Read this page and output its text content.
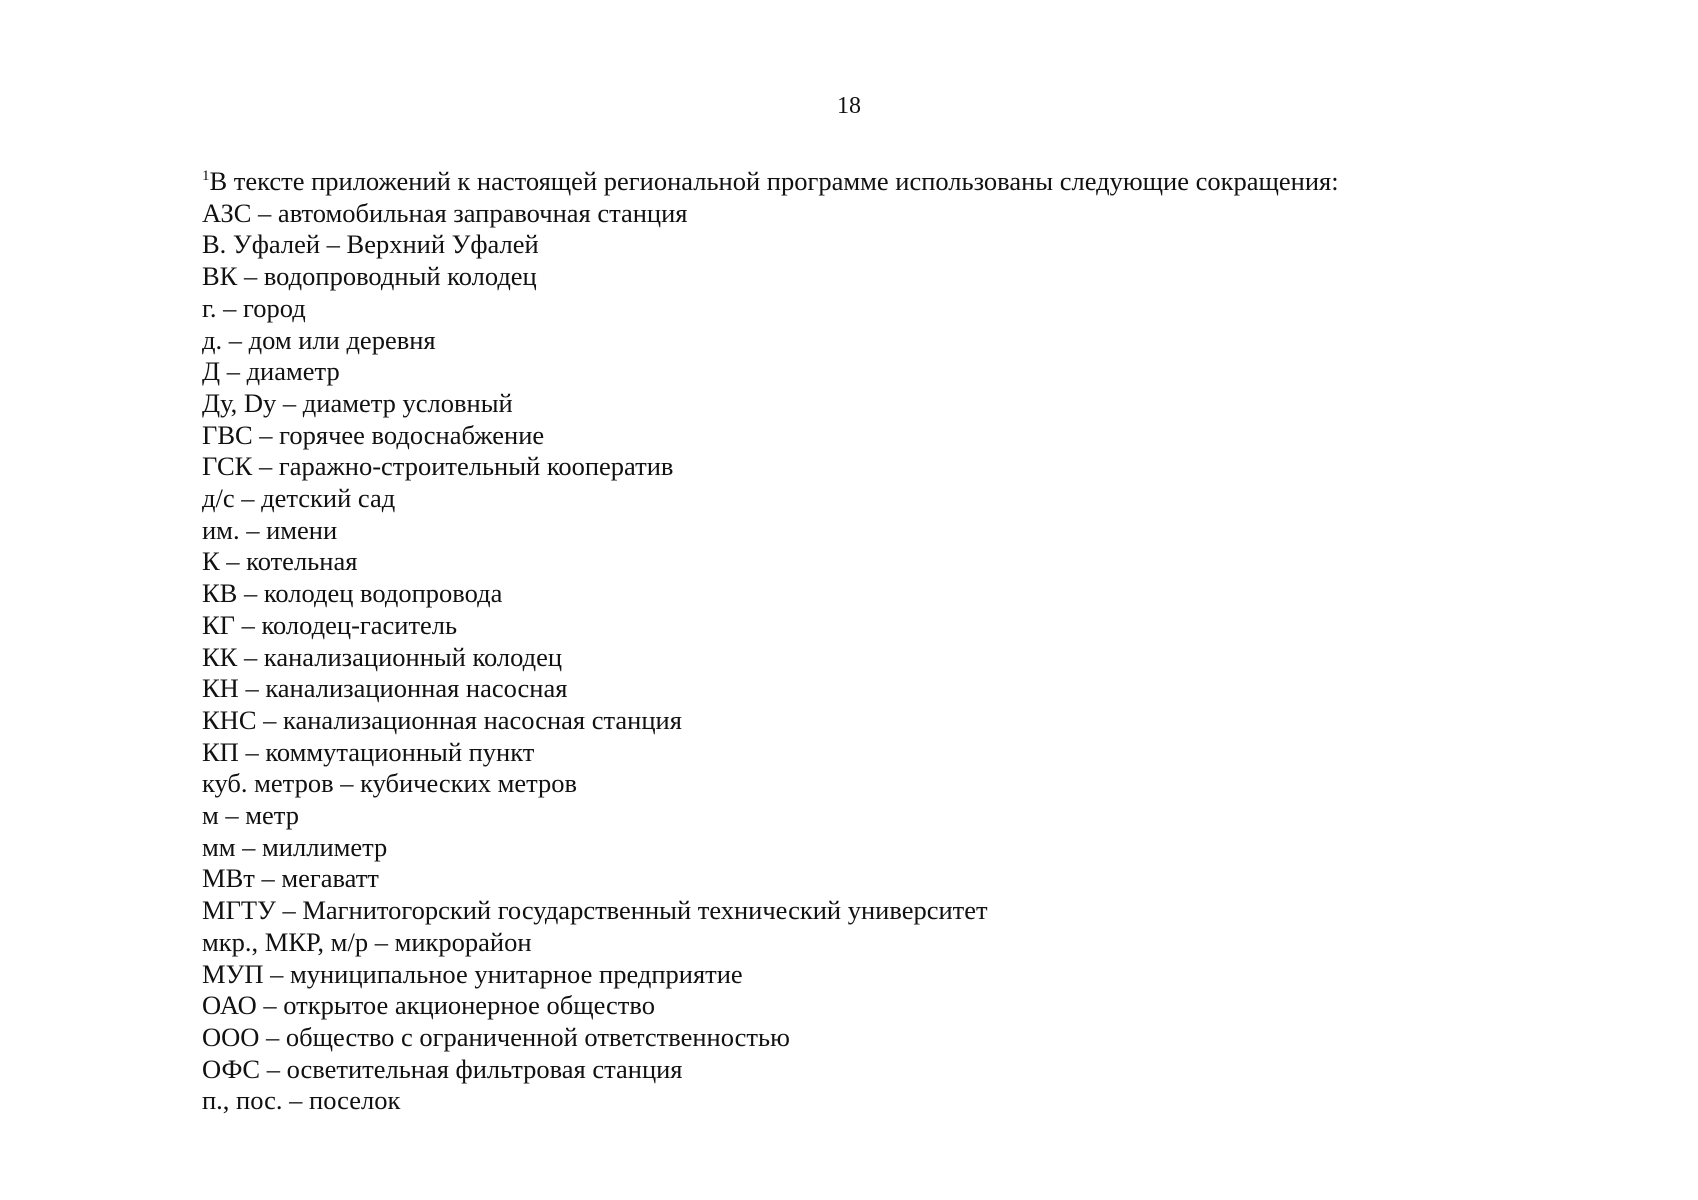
18
$^1$В тексте приложений к настоящей региональной программе использованы следующие сокращения:
АЗС – автомобильная заправочная станция
В. Уфалей – Верхний Уфалей
ВК – водопроводный колодец
г. – город
д. – дом или деревня
Д – диаметр
Ду, Dу – диаметр условный
ГВС – горячее водоснабжение
ГСК – гаражно-строительный кооператив
д/с – детский сад
им. – имени
К – котельная
КВ – колодец водопровода
КГ – колодец-гаситель
КК – канализационный колодец
КН – канализационная насосная
КНС – канализационная насосная станция
КП – коммутационный пункт
куб. метров – кубических метров
м – метр
мм – миллиметр
МВт – мегаватт
МГТУ – Магнитогорский государственный технический университет
мкр., МКР, м/р – микрорайон
МУП – муниципальное унитарное предприятие
ОАО – открытое акционерное общество
ООО – общество с ограниченной ответственностью
ОФС – осветительная фильтровая станция
п., пос. – поселок
